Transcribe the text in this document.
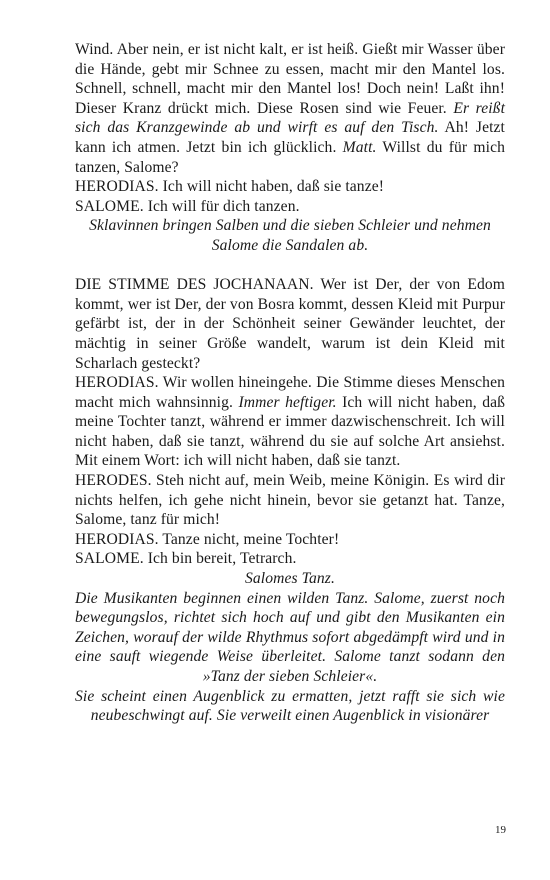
Wind. Aber nein, er ist nicht kalt, er ist heiß. Gießt mir Wasser über die Hände, gebt mir Schnee zu essen, macht mir den Mantel los. Schnell, schnell, macht mir den Mantel los! Doch nein! Laßt ihn! Dieser Kranz drückt mich. Diese Rosen sind wie Feuer. Er reißt sich das Kranzgewinde ab und wirft es auf den Tisch. Ah! Jetzt kann ich atmen. Jetzt bin ich glücklich. Matt. Willst du für mich tanzen, Salome?

HERODIAS. Ich will nicht haben, daß sie tanze!

SALOME. Ich will für dich tanzen.

Sklavinnen bringen Salben und die sieben Schleier und nehmen Salome die Sandalen ab.

DIE STIMME DES JOCHANAAN. Wer ist Der, der von Edom kommt, wer ist Der, der von Bosra kommt, dessen Kleid mit Purpur gefärbt ist, der in der Schönheit seiner Gewänder leuchtet, der mächtig in seiner Größe wandelt, warum ist dein Kleid mit Scharlach gesteckt?

HERODIAS. Wir wollen hineingehe. Die Stimme dieses Menschen macht mich wahnsinnig. Immer heftiger. Ich will nicht haben, daß meine Tochter tanzt, während er immer dazwischenschreit. Ich will nicht haben, daß sie tanzt, während du sie auf solche Art ansiehst. Mit einem Wort: ich will nicht haben, daß sie tanzt.

HERODES. Steh nicht auf, mein Weib, meine Königin. Es wird dir nichts helfen, ich gehe nicht hinein, bevor sie getanzt hat. Tanze, Salome, tanz für mich!

HERODIAS. Tanze nicht, meine Tochter!

SALOME. Ich bin bereit, Tetrarch.

Salomes Tanz.

Die Musikanten beginnen einen wilden Tanz. Salome, zuerst noch bewegungslos, richtet sich hoch auf und gibt den Musikanten ein Zeichen, worauf der wilde Rhythmus sofort abgedämpft wird und in eine sauft wiegende Weise überleitet. Salome tanzt sodann den »Tanz der sieben Schleier«.

Sie scheint einen Augenblick zu ermatten, jetzt rafft sie sich wie neubeschwingt auf. Sie verweilt einen Augenblick in visionärer

19
